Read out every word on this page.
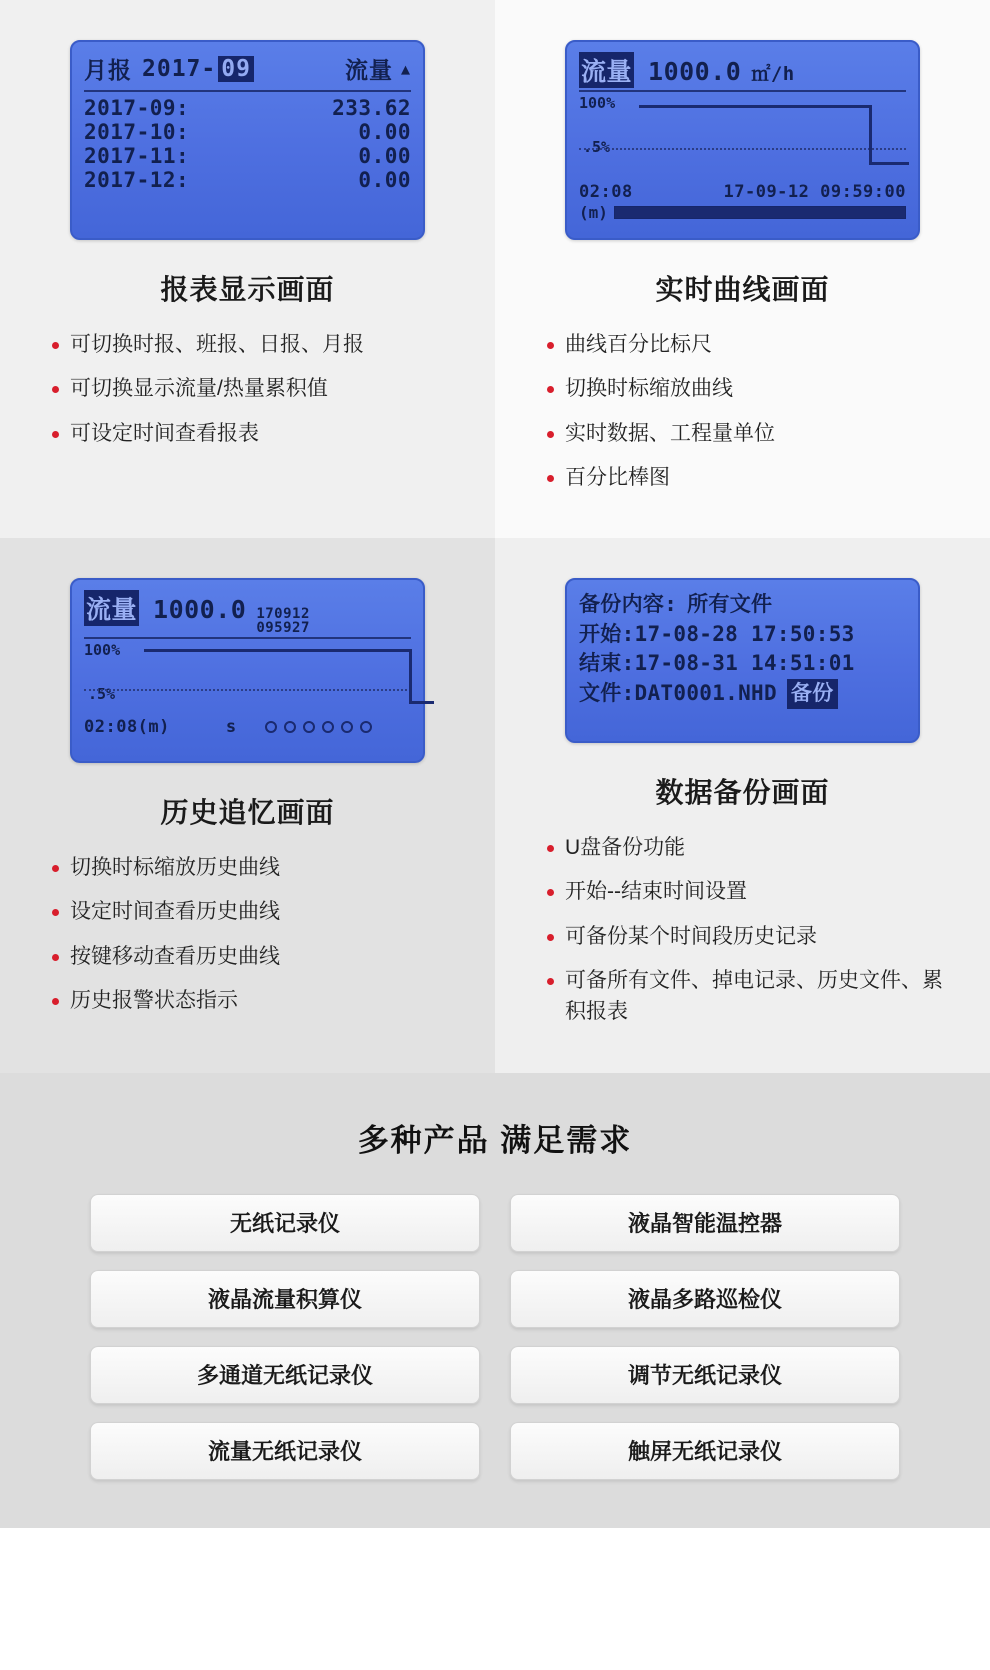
月报 2017- 09	流量 ▲
2017-09:	233.62
2017-10:	0.00
2017-11:	0.00
2017-12:	0.00
报表显示画面
可切换时报、班报、日报、月报
可切换显示流量/热量累积值
可设定时间查看报表
流量 1000.0 ㎡/h
100%
.5%
02:08	17-09-12 09:59:00
(m)
实时曲线画面
曲线百分比标尺
切换时标缩放曲线
实时数据、工程量单位
百分比棒图
流量 1000.0 170912
095927
100%
.5%
02:08(m)	s
历史追忆画面
切换时标缩放历史曲线
设定时间查看历史曲线
按键移动查看历史曲线
历史报警状态指示
备份内容: 所有文件
开始: 17-08-28 17:50:53
结束: 17-08-31 14:51:01
文件: DAT0001.NHD 备份
数据备份画面
U盘备份功能
开始--结束时间设置
可备份某个时间段历史记录
可备所有文件、掉电记录、历史文件、累积报表
多种产品 满足需求
无纸记录仪	液晶智能温控器
液晶流量积算仪	液晶多路巡检仪
多通道无纸记录仪	调节无纸记录仪
流量无纸记录仪	触屏无纸记录仪
